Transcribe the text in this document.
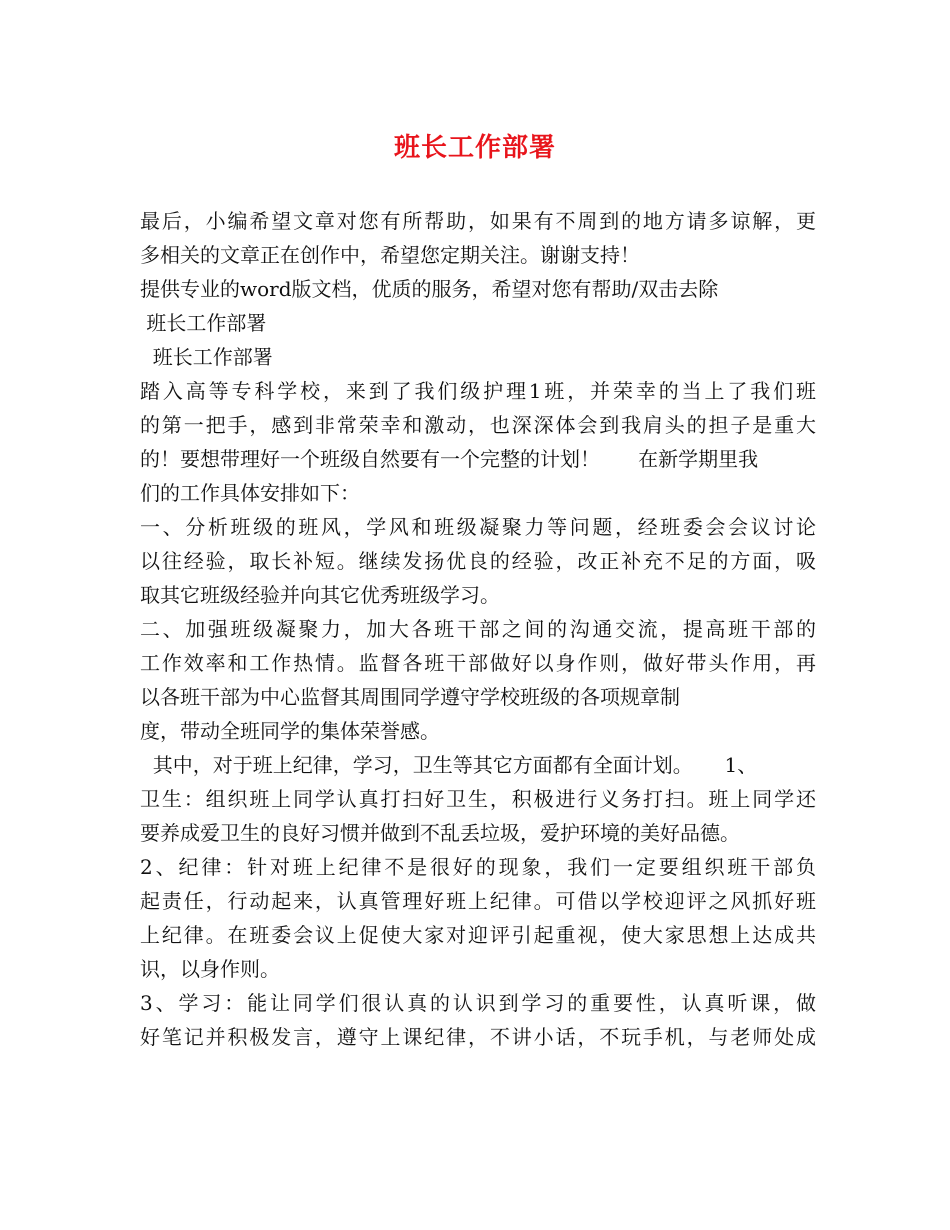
班长工作部署
最后，小编希望文章对您有所帮助，如果有不周到的地方请多谅解，更
多相关的文章正在创作中，希望您定期关注。谢谢支持！
提供专业的word版文档，优质的服务，希望对您有帮助/双击去除
班长工作部署
班长工作部署
踏入高等专科学校，来到了我们级护理1班，并荣幸的当上了我们班
的第一把手，感到非常荣幸和激动，也深深体会到我肩头的担子是重大
的！要想带理好一个班级自然要有一个完整的计划！      在新学期里我
们的工作具体安排如下：
一、分析班级的班风，学风和班级凝聚力等问题，经班委会会议讨论
以往经验，取长补短。继续发扬优良的经验，改正补充不足的方面，吸
取其它班级经验并向其它优秀班级学习。
二、加强班级凝聚力，加大各班干部之间的沟通交流，提高班干部的
工作效率和工作热情。监督各班干部做好以身作则，做好带头作用，再
以各班干部为中心监督其周围同学遵守学校班级的各项规章制
度，带动全班同学的集体荣誉感。
其中，对于班上纪律，学习，卫生等其它方面都有全面计划。     1、
卫生：组织班上同学认真打扫好卫生，积极进行义务打扫。班上同学还
要养成爱卫生的良好习惯并做到不乱丢垃圾，爱护环境的美好品德。
2、纪律：针对班上纪律不是很好的现象，我们一定要组织班干部负
起责任，行动起来，认真管理好班上纪律。可借以学校迎评之风抓好班
上纪律。在班委会议上促使大家对迎评引起重视，使大家思想上达成共
识，以身作则。
3、学习：能让同学们很认真的认识到学习的重要性，认真听课，做
好笔记并积极发言，遵守上课纪律，不讲小话，不玩手机，与老师处成
